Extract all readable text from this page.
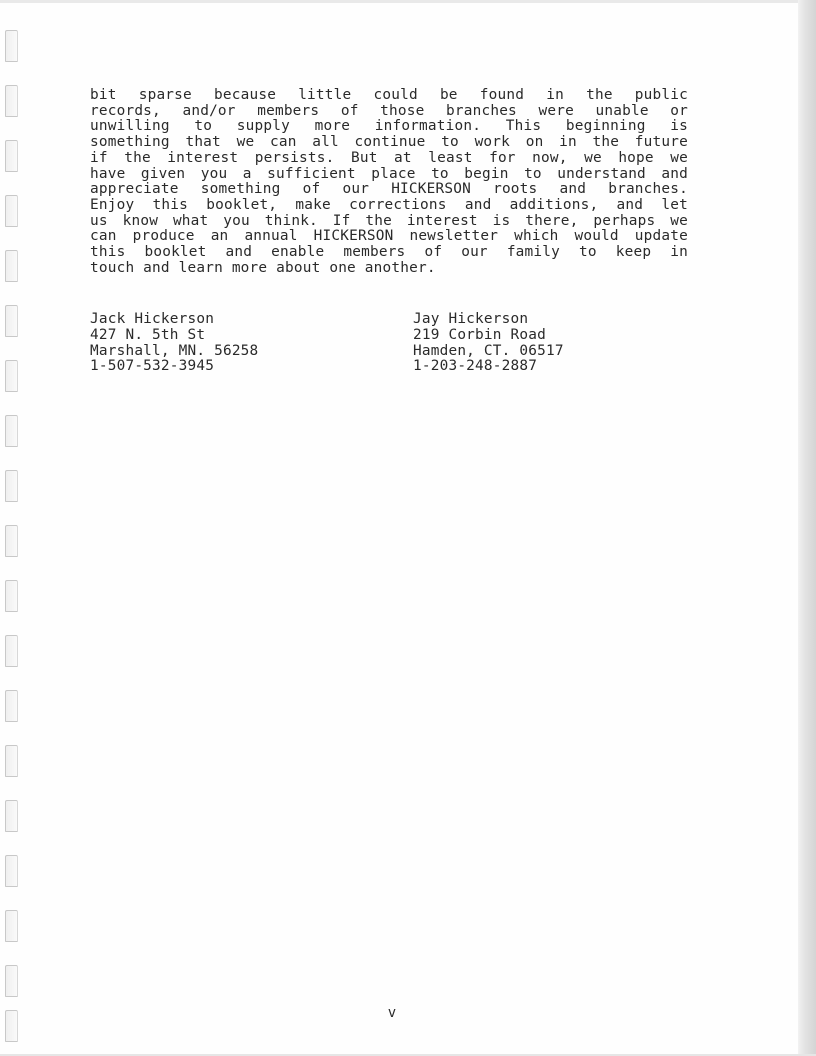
bit sparse because little could be found in the public
records, and/or members of those branches were unable or
unwilling to supply more information. This beginning is
something that we can all continue to work on in the future
if the interest persists. But at least for now, we hope we
have given you a sufficient place to begin to understand and
appreciate something of our HICKERSON roots and branches.
Enjoy this booklet, make corrections and additions, and let
us know what you think. If the interest is there, perhaps we
can produce an annual HICKERSON newsletter which would update
this booklet and enable members of our family to keep in
touch and learn more about one another.
Jack Hickerson
427 N. 5th St
Marshall, MN. 56258
1-507-532-3945
Jay Hickerson
219 Corbin Road
Hamden, CT. 06517
1-203-248-2887
v
